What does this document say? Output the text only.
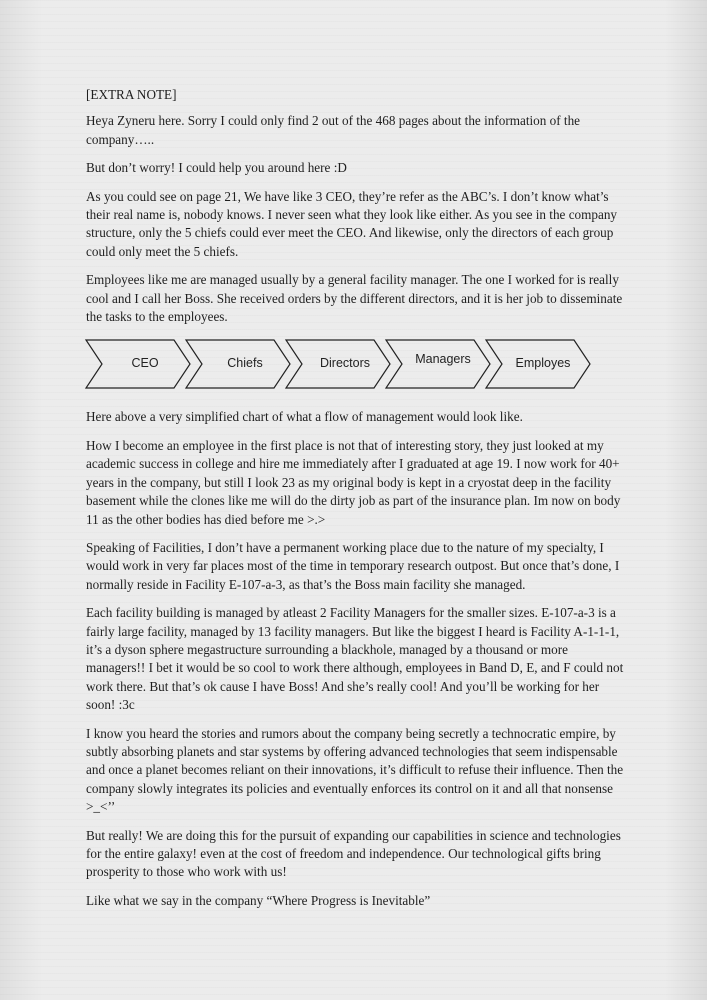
[EXTRA NOTE]

Heya Zyneru here. Sorry I could only find 2 out of the 468 pages about the information of the company…..

But don’t worry! I could help you around here :D

As you could see on page 21, We have like 3 CEO, they’re refer as the ABC’s. I don’t know what’s their real name is, nobody knows. I never seen what they look like either. As you see in the company structure, only the 5 chiefs could ever meet the CEO. And likewise, only the directors of each group could only meet the 5 chiefs.

Employees like me are managed usually by a general facility manager. The one I worked for is really cool and I call her Boss. She received orders by the different directors, and it is her job to disseminate the tasks to the employees.

CEO	Chiefs	Directors	Managers	Employes

Here above a very simplified chart of what a flow of management would look like.

How I become an employee in the first place is not that of interesting story, they just looked at my academic success in college and hire me immediately after I graduated at age 19. I now work for 40+ years in the company, but still I look 23 as my original body is kept in a cryostat deep in the facility basement while the clones like me will do the dirty job as part of the insurance plan. Im now on body 11 as the other bodies has died before me >.>

Speaking of Facilities, I don’t have a permanent working place due to the nature of my specialty, I would work in very far places most of the time in temporary research outpost. But once that’s done, I normally reside in Facility E-107-a-3, as that’s the Boss main facility she managed.

Each facility building is managed by atleast 2 Facility Managers for the smaller sizes. E-107-a-3 is a fairly large facility, managed by 13 facility managers. But like the biggest I heard is Facility A-1-1-1, it’s a dyson sphere megastructure surrounding a blackhole, managed by a thousand or more managers!! I bet it would be so cool to work there although, employees in Band D, E, and F could not work there. But that’s ok cause I have Boss! And she’s really cool! And you’ll be working for her soon! :3c

I know you heard the stories and rumors about the company being secretly a technocratic empire, by subtly absorbing planets and star systems by offering advanced technologies that seem indispensable and once a planet becomes reliant on their innovations, it’s difficult to refuse their influence. Then the company slowly integrates its policies and eventually enforces its control on it and all that nonsense >_<’’

But really! We are doing this for the pursuit of expanding our capabilities in science and technologies for the entire galaxy! even at the cost of freedom and independence. Our technological gifts bring prosperity to those who work with us!

Like what we say in the company “Where Progress is Inevitable”
